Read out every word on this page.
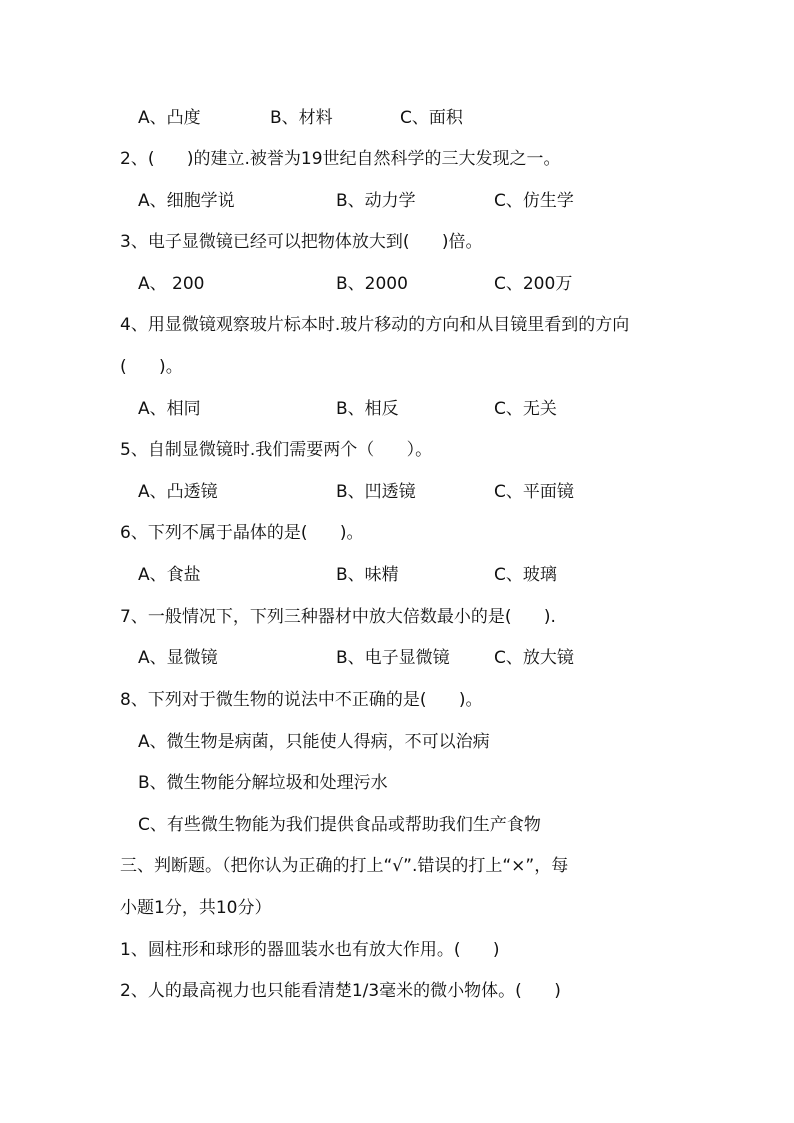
A、凸度	B、材料	C、面积
2、(      )的建立.被誉为19世纪自然科学的三大发现之一。
A、细胞学说	B、动力学	C、仿生学
3、电子显微镜已经可以把物体放大到(      )倍。
A、 200	B、2000	C、200万
4、用显微镜观察玻片标本时.玻片移动的方向和从目镜里看到的方向
(      )。
A、相同	B、相反	C、无关
5、自制显微镜时.我们需要两个（      ）。
A、凸透镜	B、凹透镜	C、平面镜
6、下列不属于晶体的是(      )。
A、食盐	B、味精	C、玻璃
7、一般情况下，下列三种器材中放大倍数最小的是(      ).
A、显微镜	B、电子显微镜	C、放大镜
8、下列对于微生物的说法中不正确的是(      )。
A、微生物是病菌，只能使人得病，不可以治病
B、微生物能分解垃圾和处理污水
C、有些微生物能为我们提供食品或帮助我们生产食物
三、判断题。（把你认为正确的打上“√”.错误的打上“×”，每
小题1分，共10分）
1、圆柱形和球形的器皿装水也有放大作用。(      )
2、人的最高视力也只能看清楚1/3毫米的微小物体。(      )
